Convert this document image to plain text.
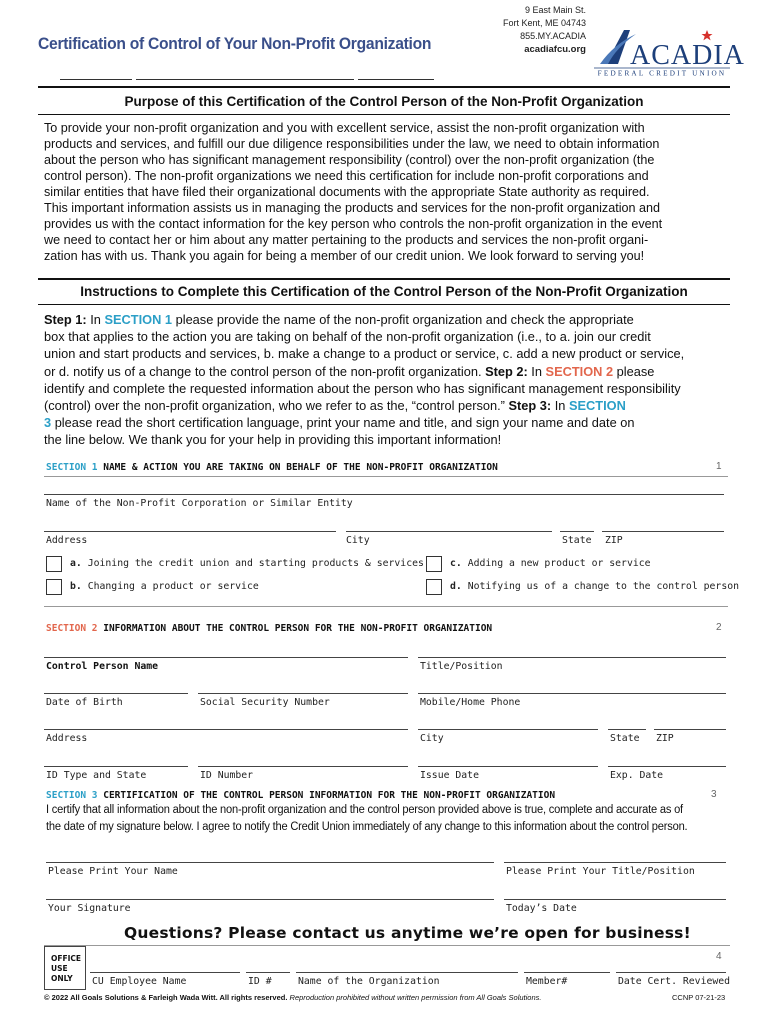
Certification of Control of Your Non-Profit Organization
9 East Main St.
Fort Kent, ME 04743
855.MY.ACADIA
acadiafcu.org ACADIA
FEDERAL CREDIT UNION
Purpose of this Certification of the Control Person of the Non-Profit Organization
To provide your non-profit organization and you with excellent service, assist the non-profit organization with
products and services, and fulfill our due diligence responsibilities under the law, we need to obtain information
about the person who has significant management responsibility (control) over the non-profit organization (the
control person). The non-profit organizations we need this certification for include non-profit corporations and
similar entities that have filed their organizational documents with the appropriate State authority as required.
This important information assists us in managing the products and services for the non-profit organization and
provides us with the contact information for the key person who controls the non-profit organization in the event
we need to contact her or him about any matter pertaining to the products and services the non-profit organi-
zation has with us. Thank you again for being a member of our credit union. We look forward to serving you!
Instructions to Complete this Certification of the Control Person of the Non-Profit Organization
Step 1: In SECTION 1 please provide the name of the non-profit organization and check the appropriate
box that applies to the action you are taking on behalf of the non-profit organization (i.e., to a. join our credit
union and start products and services, b. make a change to a product or service, c. add a new product or service,
or d. notify us of a change to the control person of the non-profit organization. Step 2: In SECTION 2 please
identify and complete the requested information about the person who has significant management responsibility
(control) over the non-profit organization, who we refer to as the, “control person.” Step 3: In SECTION
3 please read the short certification language, print your name and title, and sign your name and date on
the line below. We thank you for your help in providing this important information!
SECTION 1 NAME & ACTION YOU ARE TAKING ON BEHALF OF THE NON-PROFIT ORGANIZATION	1
Name of the Non-Profit Corporation or Similar Entity
Address	City	State ZIP
a. Joining the credit union and starting products & services
b. Changing a product or service
c. Adding a new product or service
d. Notifying us of a change to the control person
SECTION 2 INFORMATION ABOUT THE CONTROL PERSON FOR THE NON-PROFIT ORGANIZATION	2
Control Person Name	Title/Position
Date of Birth	Social Security Number	Mobile/Home Phone
Address	City	State ZIP
ID Type and State	ID Number	Issue Date	Exp. Date
SECTION 3 CERTIFICATION OF THE CONTROL PERSON INFORMATION FOR THE NON-PROFIT ORGANIZATION	3
I certify that all information about the non-profit organization and the control person provided above is true, complete and accurate as of
the date of my signature below. I agree to notify the Credit Union immediately of any change to this information about the control person.
Please Print Your Name	Please Print Your Title/Position
Your Signature	Today’s Date
Questions? Please contact us anytime we’re open for business!
OFFICE
USE
ONLY
4
CU Employee Name	ID #	Name of the Organization	Member#	Date Cert. Reviewed
© 2022 All Goals Solutions & Farleigh Wada Witt. All rights reserved. Reproduction prohibited without written permission from All Goals Solutions.	CCNP 07-21-23
